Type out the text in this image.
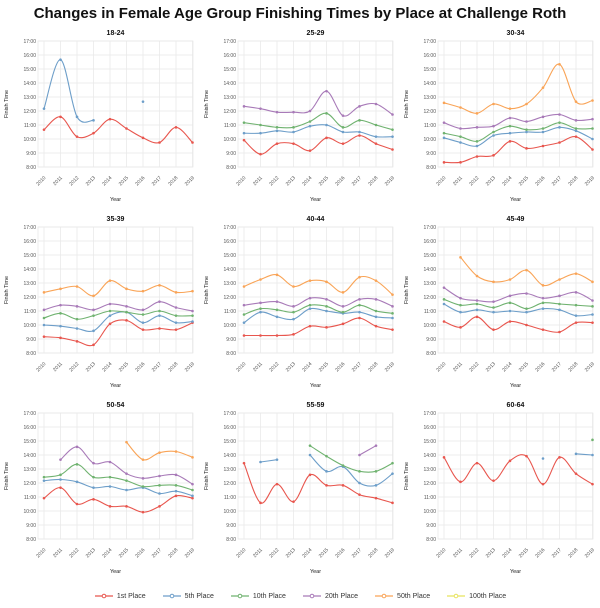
Changes in Female Age Group Finishing Times by Place at Challenge Roth
18-24
17:00
16:00
15:00
14:00
13:00
12:00
11:00
10:00
9:00
8:00
2010 2011 2012 2013 2014 2015 2016 2017 2018 2019
Finish Time
Year
25-29
17:00
16:00
15:00
14:00
13:00
12:00
11:00
10:00
9:00
8:00
2010 2011 2012 2013 2014 2015 2016 2017 2018 2019
Finish Time
Year
30-34
17:00
16:00
15:00
14:00
13:00
12:00
11:00
10:00
9:00
8:00
2010 2011 2012 2013 2014 2015 2016 2017 2018 2019
Finish Time
Year
35-39
17:00
16:00
15:00
14:00
13:00
12:00
11:00
10:00
9:00
8:00
2010 2011 2012 2013 2014 2015 2016 2017 2018 2019
Finish Time
Year
40-44
17:00
16:00
15:00
14:00
13:00
12:00
11:00
10:00
9:00
8:00
2010 2011 2012 2013 2014 2015 2016 2017 2018 2019
Finish Time
Year
45-49
17:00
16:00
15:00
14:00
13:00
12:00
11:00
10:00
9:00
8:00
2010 2011 2012 2013 2014 2015 2016 2017 2018 2019
Finish Time
Year
50-54
17:00
16:00
15:00
14:00
13:00
12:00
11:00
10:00
9:00
8:00
2010 2011 2012 2013 2014 2015 2016 2017 2018 2019
Finish Time
Year
55-59
17:00
16:00
15:00
14:00
13:00
12:00
11:00
10:00
9:00
8:00
2010 2011 2012 2013 2014 2015 2016 2017 2018 2019
Finish Time
Year
60-64
17:00
16:00
15:00
14:00
13:00
12:00
11:00
10:00
9:00
8:00
2010 2011 2012 2013 2014 2015 2016 2017 2018 2019
Finish Time
Year
1st Place	5th Place	10th Place	20th Place	50th Place	100th Place
